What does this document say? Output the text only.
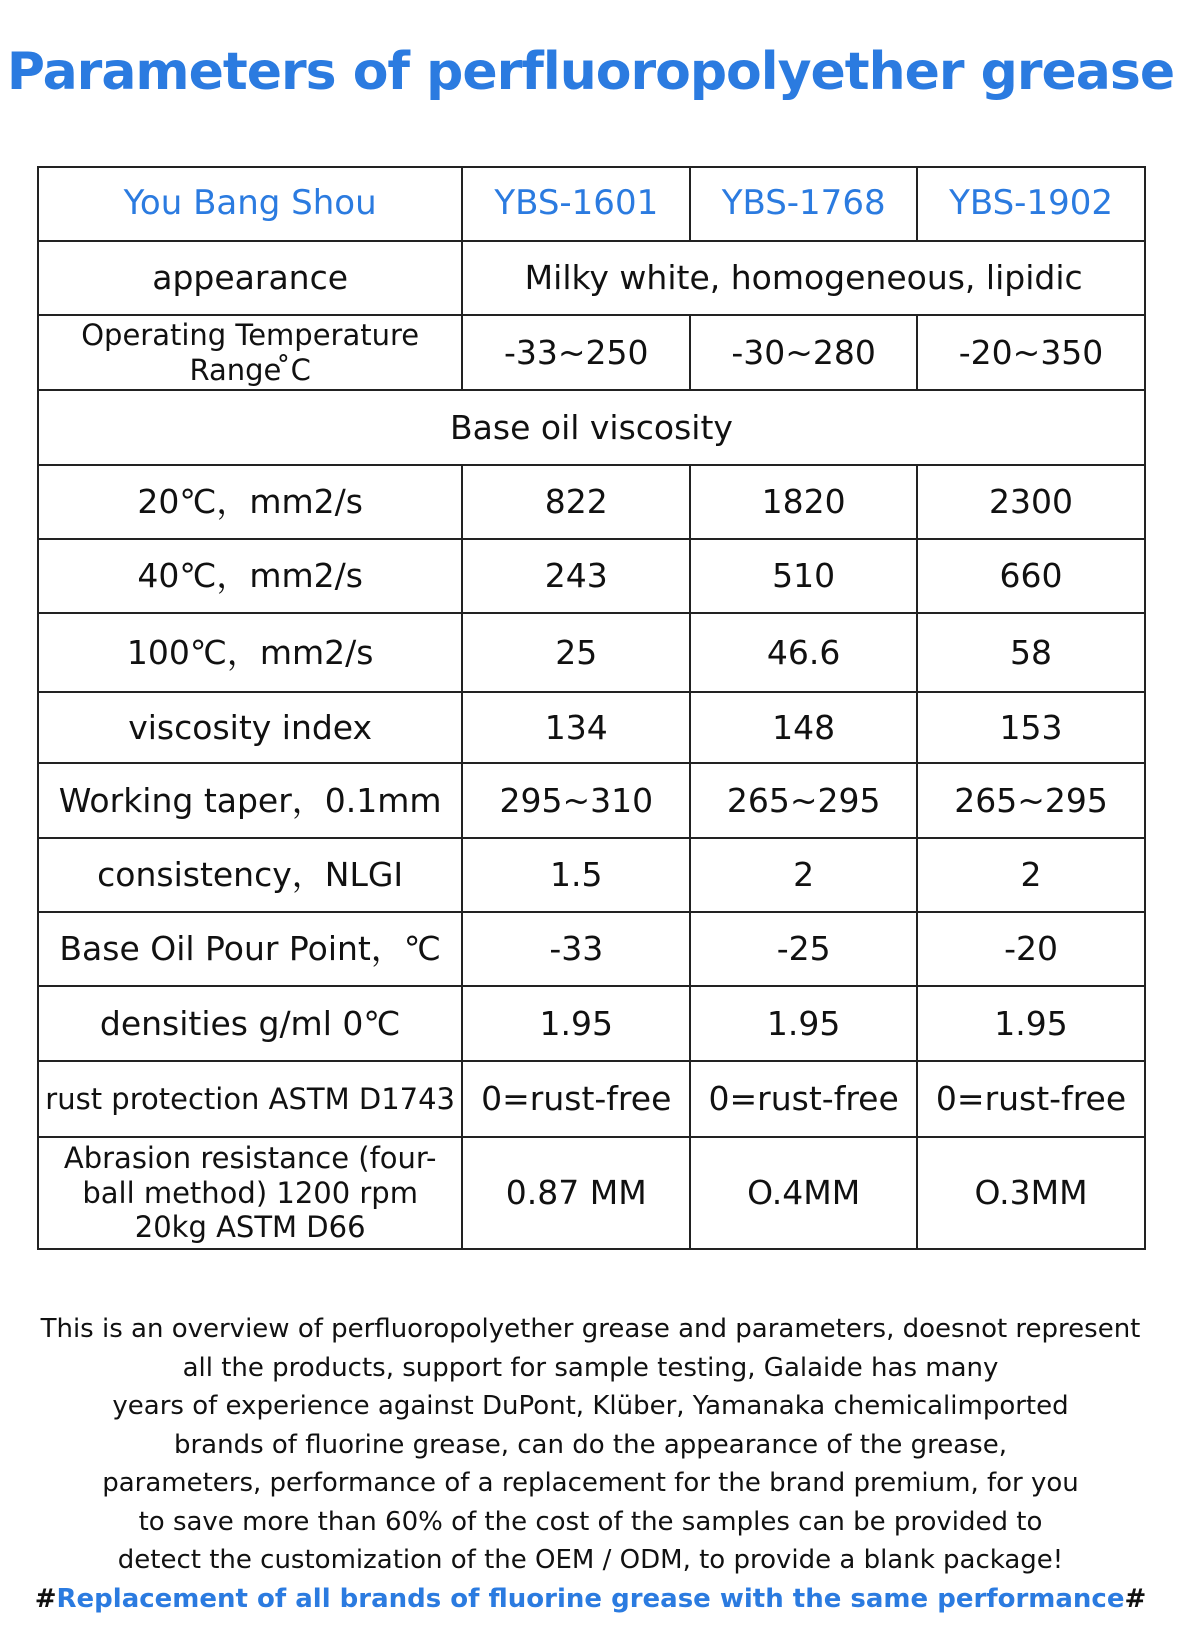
Parameters of perfluoropolyether grease
You Bang Shou	YBS-1601	YBS-1768	YBS-1902
appearance	Milky white, homogeneous, lipidic		
Operating Temperature Range ̊C	-33~250	-30~280	-20~350
Base oil viscosity			
20℃，mm2/s	822	1820	2300
40℃，mm2/s	243	510	660
100℃，mm2/s	25	46.6	58
viscosity index	134	148	153
Working taper，0.1mm	295~310	265~295	265~295
consistency，NLGI	1.5	2	2
Base Oil Pour Point，℃	-33	-25	-20
densities g/ml 0℃	1.95	1.95	1.95
rust protection ASTM D1743	0=rust-free	0=rust-free	0=rust-free
Abrasion resistance (four-ball method) 1200 rpm 20kg ASTM D66	0.87 MM	O.4MM	O.3MM
This is an overview of perfluoropolyether grease and parameters, doesnot represent
all the products, support for sample testing, Galaide has many
years of experience against DuPont, Klüber, Yamanaka chemicalimported
brands of fluorine grease, can do the appearance of the grease,
parameters, performance of a replacement for the brand premium, for you
to save more than 60% of the cost of the samples can be provided to
detect the customization of the OEM / ODM, to provide a blank package!
#Replacement of all brands of fluorine grease with the same performance#
